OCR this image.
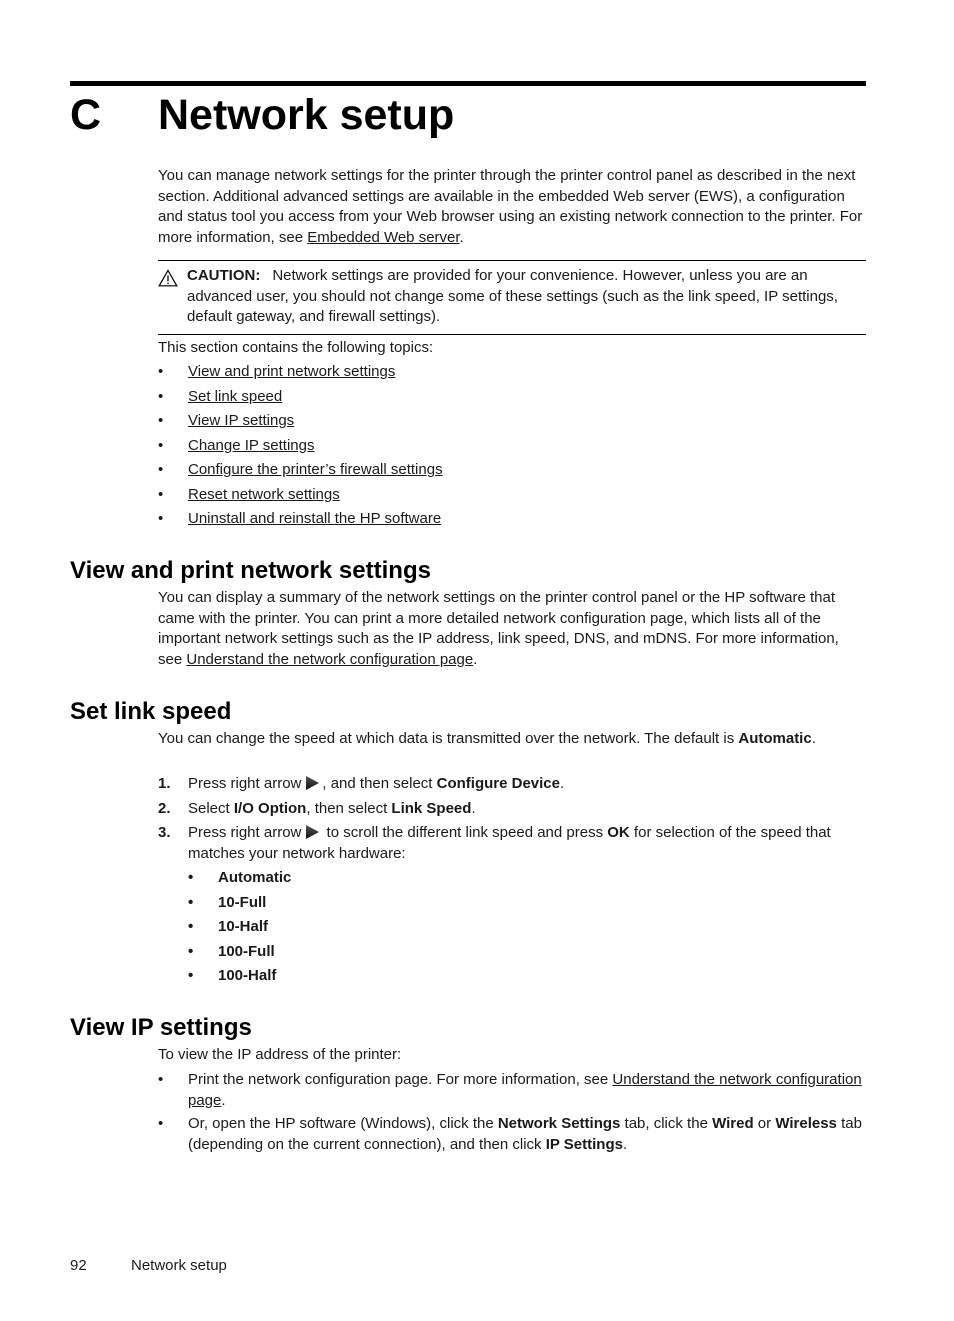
C Network setup

You can manage network settings for the printer through the printer control panel as described in the next section. Additional advanced settings are available in the embedded Web server (EWS), a configuration and status tool you access from your Web browser using an existing network connection to the printer. For more information, see Embedded Web server.

CAUTION: Network settings are provided for your convenience. However, unless you are an advanced user, you should not change some of these settings (such as the link speed, IP settings, default gateway, and firewall settings).

This section contains the following topics:

• View and print network settings
• Set link speed
• View IP settings
• Change IP settings
• Configure the printer’s firewall settings
• Reset network settings
• Uninstall and reinstall the HP software
View and print network settings

You can display a summary of the network settings on the printer control panel or the HP software that came with the printer. You can print a more detailed network configuration page, which lists all of the important network settings such as the IP address, link speed, DNS, and mDNS. For more information, see Understand the network configuration page.

Set link speed

You can change the speed at which data is transmitted over the network. The default is Automatic.

1. Press right arrow , and then select Configure Device.
2. Select I/O Option, then select Link Speed.
3. Press right arrow to scroll the different link speed and press OK for selection of the speed that matches your network hardware:
• Automatic
• 10-Full
• 10-Half
• 100-Full
• 100-Half
View IP settings

To view the IP address of the printer:

• Print the network configuration page. For more information, see Understand the network configuration page.
• Or, open the HP software (Windows), click the Network Settings tab, click the Wired or Wireless tab (depending on the current connection), and then click IP Settings.
92	Network setup
